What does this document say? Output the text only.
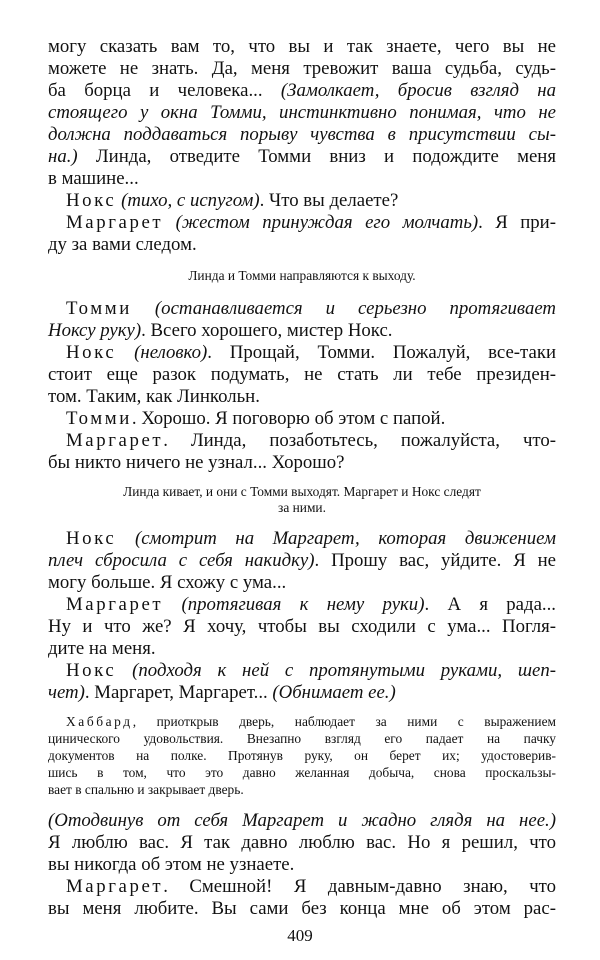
могу сказать вам то, что вы и так знаете, чего вы не
можете не знать. Да, меня тревожит ваша судьба, судь-
ба борца и человека... (Замолкает, бросив взгляд на
стоящего у окна Томми, инстинктивно понимая, что не
должна поддаваться порыву чувства в присутствии сы-
на.) Линда, отведите Томми вниз и подождите меня
в машине...
Нокс (тихо, с испугом). Что вы делаете?
Маргарет (жестом принуждая его молчать). Я при-
ду за вами следом.
Линда и Томми направляются к выходу.
Томми (останавливается и серьезно протягивает
Ноксу руку). Всего хорошего, мистер Нокс.
Нокс (неловко). Прощай, Томми. Пожалуй, все-таки
стоит еще разок подумать, не стать ли тебе президен-
том. Таким, как Линкольн.
Томми. Хорошо. Я поговорю об этом с папой.
Маргарет. Линда, позаботьтесь, пожалуйста, что-
бы никто ничего не узнал... Хорошо?
Линда кивает, и они с Томми выходят. Маргарет и Нокс следят
за ними.
Нокс (смотрит на Маргарет, которая движением
плеч сбросила с себя накидку). Прошу вас, уйдите. Я не
могу больше. Я схожу с ума...
Маргарет (протягивая к нему руки). А я рада...
Ну и что же? Я хочу, чтобы вы сходили с ума... Погля-
дите на меня.
Нокс (подходя к ней с протянутыми руками, шеп-
чет). Маргарет, Маргарет... (Обнимает ее.)
Хаббард, приоткрыв дверь, наблюдает за ними с выражением
цинического удовольствия. Внезапно взгляд его падает на пачку
документов на полке. Протянув руку, он берет их; удостоверив-
шись в том, что это давно желанная добыча, снова проскальзы-
вает в спальню и закрывает дверь.
(Отодвинув от себя Маргарет и жадно глядя на нее.)
Я люблю вас. Я так давно люблю вас. Но я решил, что
вы никогда об этом не узнаете.
Маргарет. Смешной! Я давным-давно знаю, что
вы меня любите. Вы сами без конца мне об этом рас-
409
